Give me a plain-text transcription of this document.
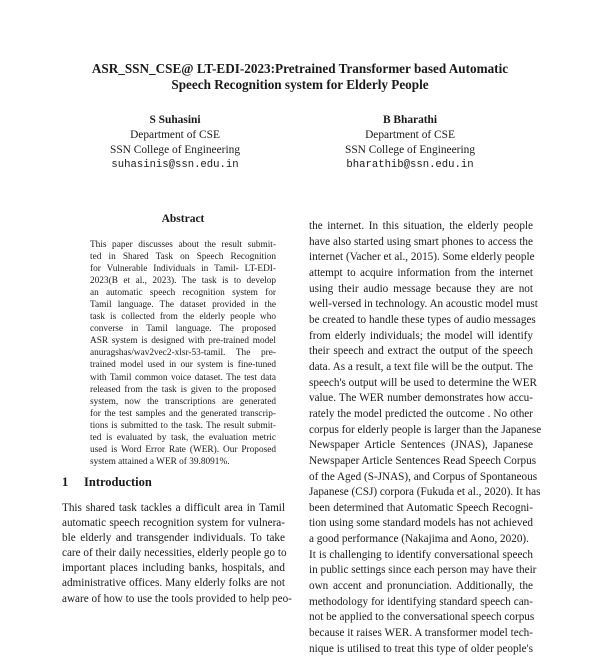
ASR_SSN_CSE@ LT-EDI-2023:Pretrained Transformer based Automatic
Speech Recognition system for Elderly People
S Suhasini
Department of CSE
SSN College of Engineering
suhasinis@ssn.edu.in
B Bharathi
Department of CSE
SSN College of Engineering
bharathib@ssn.edu.in
Abstract
This paper discusses about the result submit-
ted in Shared Task on Speech Recognition
for Vulnerable Individuals in Tamil- LT-EDI-
2023(B et al., 2023). The task is to develop
an automatic speech recognition system for
Tamil language. The dataset provided in the
task is collected from the elderly people who
converse in Tamil language. The proposed
ASR system is designed with pre-trained model
anuragshas/wav2vec2-xlsr-53-tamil. The pre-
trained model used in our system is fine-tuned
with Tamil common voice dataset. The test data
released from the task is given to the proposed
system, now the transcriptions are generated
for the test samples and the generated transcrip-
tions is submitted to the task. The result submit-
ted is evaluated by task, the evaluation metric
used is Word Error Rate (WER). Our Proposed
system attained a WER of 39.8091%.
1 Introduction
This shared task tackles a difficult area in Tamil
automatic speech recognition system for vulnera-
ble elderly and transgender individuals. To take
care of their daily necessities, elderly people go to
important places including banks, hospitals, and
administrative offices. Many elderly folks are not
aware of how to use the tools provided to help peo-
the internet. In this situation, the elderly people
have also started using smart phones to access the
internet (Vacher et al., 2015). Some elderly people
attempt to acquire information from the internet
using their audio message because they are not
well-versed in technology. An acoustic model must
be created to handle these types of audio messages
from elderly individuals; the model will identify
their speech and extract the output of the speech
data. As a result, a text file will be the output. The
speech's output will be used to determine the WER
value. The WER number demonstrates how accu-
rately the model predicted the outcome . No other
corpus for elderly people is larger than the Japanese
Newspaper Article Sentences (JNAS), Japanese
Newspaper Article Sentences Read Speech Corpus
of the Aged (S-JNAS), and Corpus of Spontaneous
Japanese (CSJ) corpora (Fukuda et al., 2020). It has
been determined that Automatic Speech Recogni-
tion using some standard models has not achieved
a good performance (Nakajima and Aono, 2020).
It is challenging to identify conversational speech
in public settings since each person may have their
own accent and pronunciation. Additionally, the
methodology for identifying standard speech can-
not be applied to the conversational speech corpus
because it raises WER. A transformer model tech-
nique is utilised to treat this type of older people's
